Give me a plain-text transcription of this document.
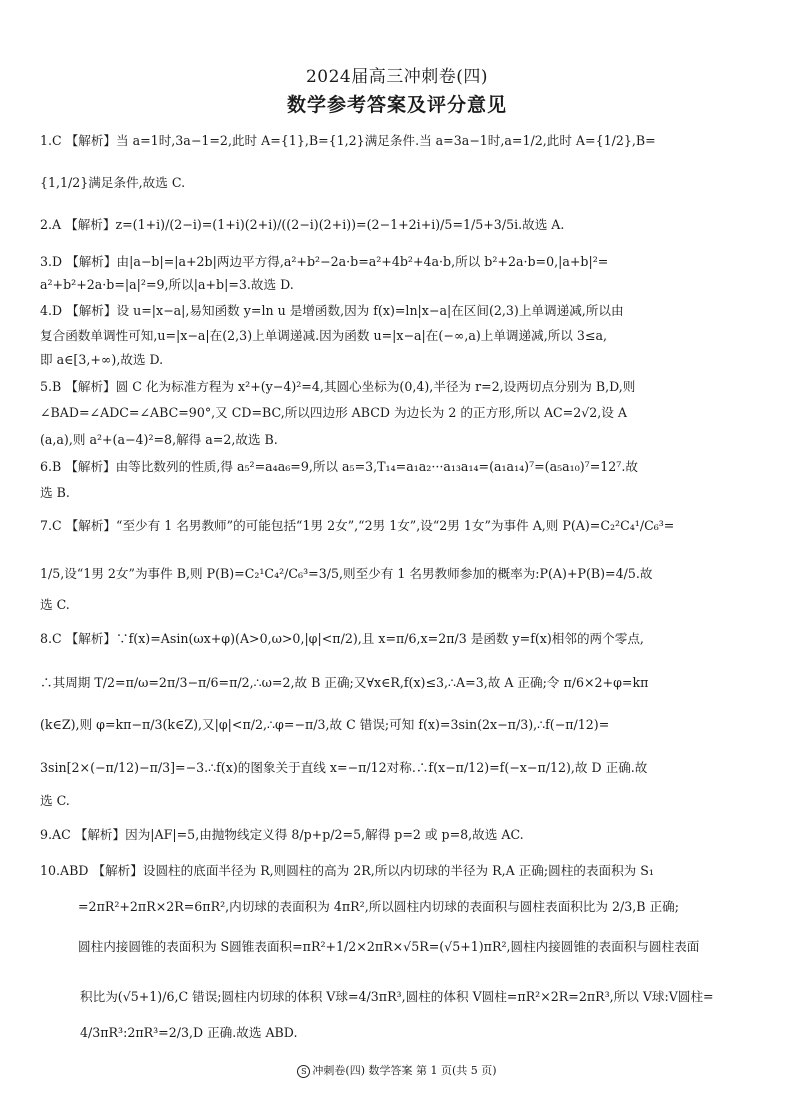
2024届高三冲刺卷(四)
数学参考答案及评分意见
1.C 【解析】当 a=1时,3a−1=2,此时 A={1},B={1,2}满足条件.当 a=3a−1时,a=1/2,此时 A={1/2},B=
{1,1/2}满足条件,故选 C.
2.A 【解析】z=(1+i)/(2−i)=(1+i)(2+i)/((2−i)(2+i))=(2−1+2i+i)/5=1/5+3/5i.故选 A.
3.D 【解析】由|a−b|=|a+2b|两边平方得,a²+b²−2a·b=a²+4b²+4a·b,所以 b²+2a·b=0,|a+b|²=
a²+b²+2a·b=|a|²=9,所以|a+b|=3.故选 D.
4.D 【解析】设 u=|x−a|,易知函数 y=ln u 是增函数,因为 f(x)=ln|x−a|在区间(2,3)上单调递减,所以由
复合函数单调性可知,u=|x−a|在(2,3)上单调递减.因为函数 u=|x−a|在(−∞,a)上单调递减,所以 3≤a,
即 a∈[3,+∞),故选 D.
5.B 【解析】圆 C 化为标准方程为 x²+(y−4)²=4,其圆心坐标为(0,4),半径为 r=2,设两切点分别为 B,D,则
∠BAD=∠ADC=∠ABC=90°,又 CD=BC,所以四边形 ABCD 为边长为 2 的正方形,所以 AC=2√2,设 A
(a,a),则 a²+(a−4)²=8,解得 a=2,故选 B.
6.B 【解析】由等比数列的性质,得 a₅²=a₄a₆=9,所以 a₅=3,T₁₄=a₁a₂···a₁₃a₁₄=(a₁a₁₄)⁷=(a₅a₁₀)⁷=12⁷.故
选 B.
7.C 【解析】“至少有 1 名男教师”的可能包括“1男 2女”,“2男 1女”,设“2男 1女”为事件 A,则 P(A)=C₂²C₄¹/C₆³=
1/5,设“1男 2女”为事件 B,则 P(B)=C₂¹C₄²/C₆³=3/5,则至少有 1 名男教师参加的概率为:P(A)+P(B)=4/5.故
选 C.
8.C 【解析】∵f(x)=Asin(ωx+φ)(A>0,ω>0,|φ|<π/2),且 x=π/6,x=2π/3 是函数 y=f(x)相邻的两个零点,
∴其周期 T/2=π/ω=2π/3−π/6=π/2,∴ω=2,故 B 正确;又∀x∈R,f(x)≤3,∴A=3,故 A 正确;令 π/6×2+φ=kπ
(k∈Z),则 φ=kπ−π/3(k∈Z),又|φ|<π/2,∴φ=−π/3,故 C 错误;可知 f(x)=3sin(2x−π/3),∴f(−π/12)=
3sin[2×(−π/12)−π/3]=−3.∴f(x)的图象关于直线 x=−π/12对称.∴f(x−π/12)=f(−x−π/12),故 D 正确.故
选 C.
9.AC 【解析】因为|AF|=5,由抛物线定义得 8/p+p/2=5,解得 p=2 或 p=8,故选 AC.
10.ABD 【解析】设圆柱的底面半径为 R,则圆柱的高为 2R,所以内切球的半径为 R,A 正确;圆柱的表面积为 S₁
=2πR²+2πR×2R=6πR²,内切球的表面积为 4πR²,所以圆柱内切球的表面积与圆柱表面积比为 2/3,B 正确;
圆柱内接圆锥的表面积为 S圆锥表面积=πR²+1/2×2πR×√5R=(√5+1)πR²,圆柱内接圆锥的表面积与圆柱表面
积比为(√5+1)/6,C 错误;圆柱内切球的体积 V球=4/3πR³,圆柱的体积 V圆柱=πR²×2R=2πR³,所以 V球:V圆柱=
4/3πR³:2πR³=2/3,D 正确.故选 ABD.
S 冲刺卷(四) 数学答案 第 1 页(共 5 页)
